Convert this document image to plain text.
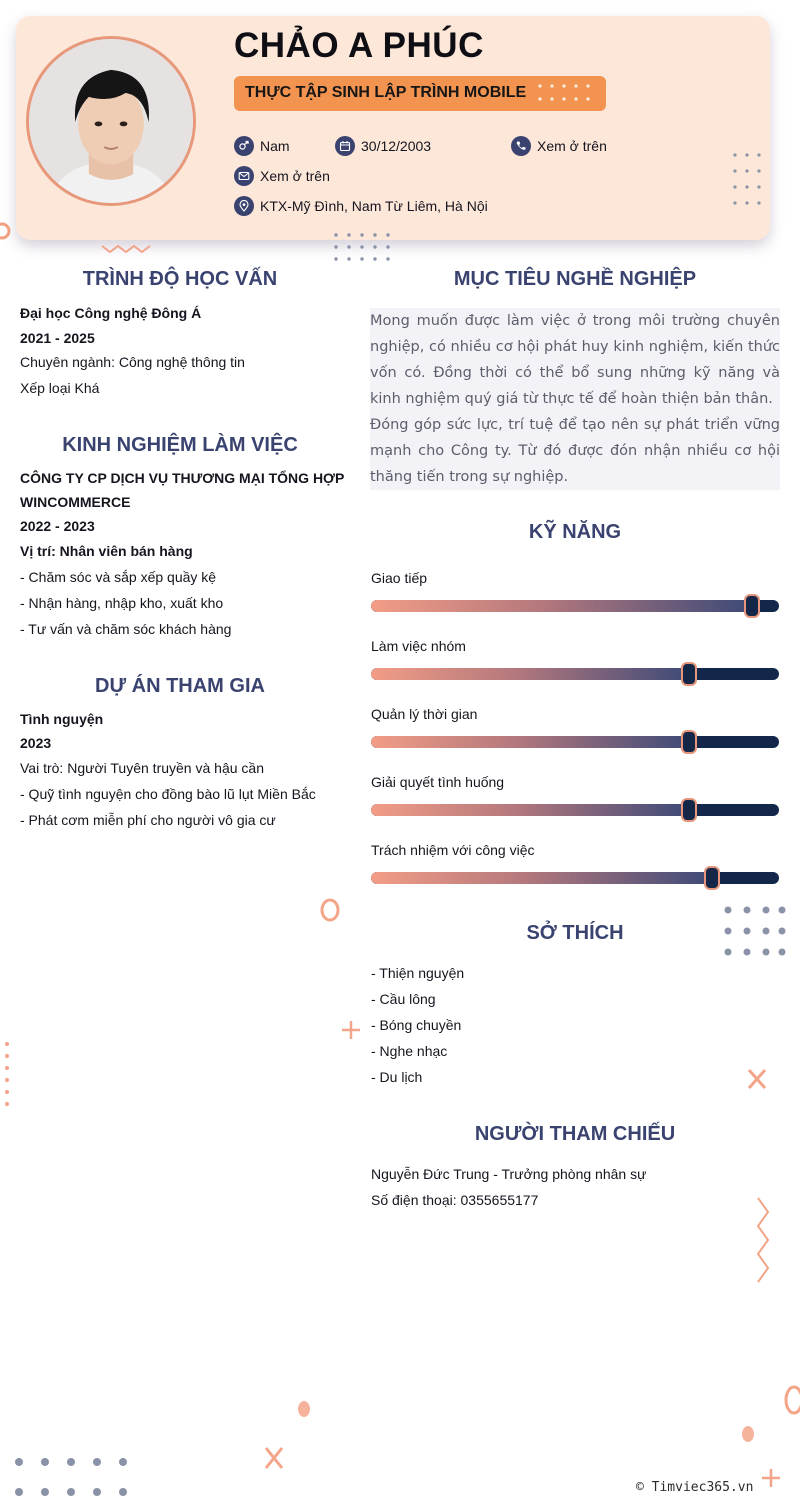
CHẢO A PHÚC
THỰC TẬP SINH LẬP TRÌNH MOBILE
Nam	30/12/2003	Xem ở trên
Xem ở trên
KTX-Mỹ Đình, Nam Từ Liêm, Hà Nội
TRÌNH ĐỘ HỌC VẤN
Đại học Công nghệ Đông Á
2021 - 2025
Chuyên ngành: Công nghệ thông tin
Xếp loại Khá
KINH NGHIỆM LÀM VIỆC
CÔNG TY CP DỊCH VỤ THƯƠNG MẠI TỔNG HỢP
WINCOMMERCE
2022 - 2023
Vị trí: Nhân viên bán hàng
- Chăm sóc và sắp xếp quầy kệ
- Nhận hàng, nhập kho, xuất kho
- Tư vấn và chăm sóc khách hàng
DỰ ÁN THAM GIA
Tình nguyện
2023
Vai trò: Người Tuyên truyền và hậu cần
- Quỹ tình nguyện cho đồng bào lũ lụt Miền Bắc
- Phát cơm miễn phí cho người vô gia cư
MỤC TIÊU NGHỀ NGHIỆP

Mong muốn được làm việc ở trong môi trường chuyên nghiệp, có nhiều cơ hội phát huy kinh nghiệm, kiến thức vốn có. Đồng thời có thể bổ sung những kỹ năng và kinh nghiệm quý giá từ thực tế để hoàn thiện bản thân.

Đóng góp sức lực, trí tuệ để tạo nên sự phát triển vững mạnh cho Công ty. Từ đó được đón nhận nhiều cơ hội thăng tiến trong sự nghiệp.

KỸ NĂNG
Giao tiếp
Làm việc nhóm
Quản lý thời gian
Giải quyết tình huống
Trách nhiệm với công việc
SỞ THÍCH
- Thiện nguyện
- Cầu lông
- Bóng chuyền
- Nghe nhạc
- Du lịch
NGƯỜI THAM CHIẾU
Nguyễn Đức Trung - Trưởng phòng nhân sự
Số điện thoại: 0355655177
© Timviec365.vn
